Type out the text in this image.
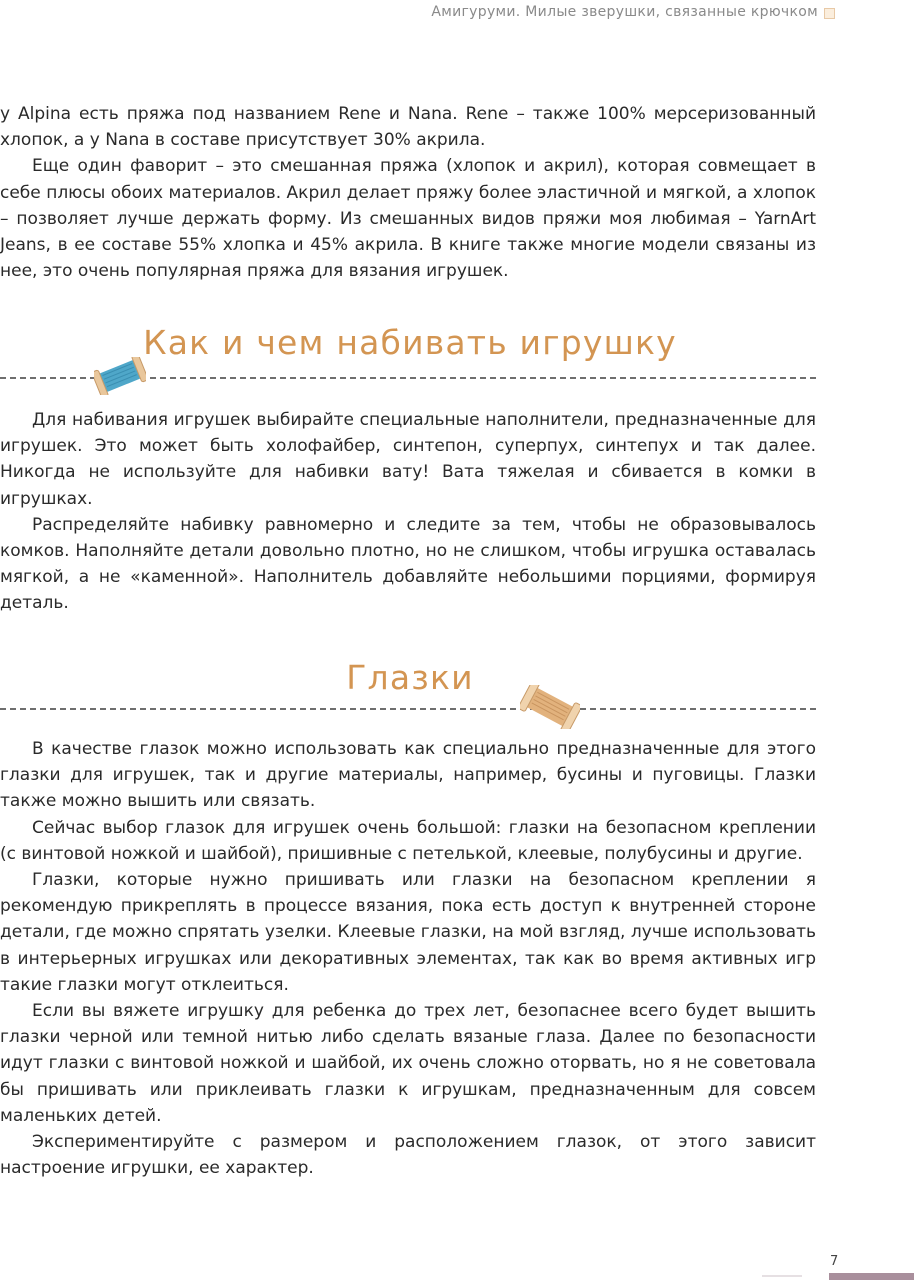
Амигуруми. Милые зверушки, связанные крючком

у Alpina есть пряжа под названием Rene и Nana. Rene – также 100% мерсеризованный хлопок, а у Nana в составе присутствует 30% акрила.

Еще один фаворит – это смешанная пряжа (хлопок и акрил), которая совмещает в себе плюсы обоих материалов. Акрил делает пряжу более эластичной и мягкой, а хлопок – позволяет лучше держать форму. Из смешанных видов пряжи моя любимая – YarnArt Jeans, в ее составе 55% хлопка и 45% акрила. В книге также многие модели связаны из нее, это очень популярная пряжа для вязания игрушек.

Как и чем набивать игрушку

Для набивания игрушек выбирайте специальные наполнители, предназначенные для игрушек. Это может быть холофайбер, синтепон, суперпух, синтепух и так далее. Никогда не используйте для набивки вату! Вата тяжелая и сбивается в комки в игрушках.

Распределяйте набивку равномерно и следите за тем, чтобы не образовывалось комков. Наполняйте детали довольно плотно, но не слишком, чтобы игрушка оставалась мягкой, а не «каменной». Наполнитель добавляйте небольшими порциями, формируя деталь.

Глазки

В качестве глазок можно использовать как специально предназначенные для этого глазки для игрушек, так и другие материалы, например, бусины и пуговицы. Глазки также можно вышить или связать.

Сейчас выбор глазок для игрушек очень большой: глазки на безопасном креплении (с винтовой ножкой и шайбой), пришивные с петелькой, клеевые, полубусины и другие.

Глазки, которые нужно пришивать или глазки на безопасном креплении я рекомендую прикреплять в процессе вязания, пока есть доступ к внутренней стороне детали, где можно спрятать узелки. Клеевые глазки, на мой взгляд, лучше использовать в интерьерных игрушках или декоративных элементах, так как во время активных игр такие глазки могут отклеиться.

Если вы вяжете игрушку для ребенка до трех лет, безопаснее всего будет вышить глазки черной или темной нитью либо сделать вязаные глаза. Далее по безопасности идут глазки с винтовой ножкой и шайбой, их очень сложно оторвать, но я не советовала бы пришивать или приклеивать глазки к игрушкам, предназначенным для совсем маленьких детей.

Экспериментируйте с размером и расположением глазок, от этого зависит настроение игрушки, ее характер.

7
